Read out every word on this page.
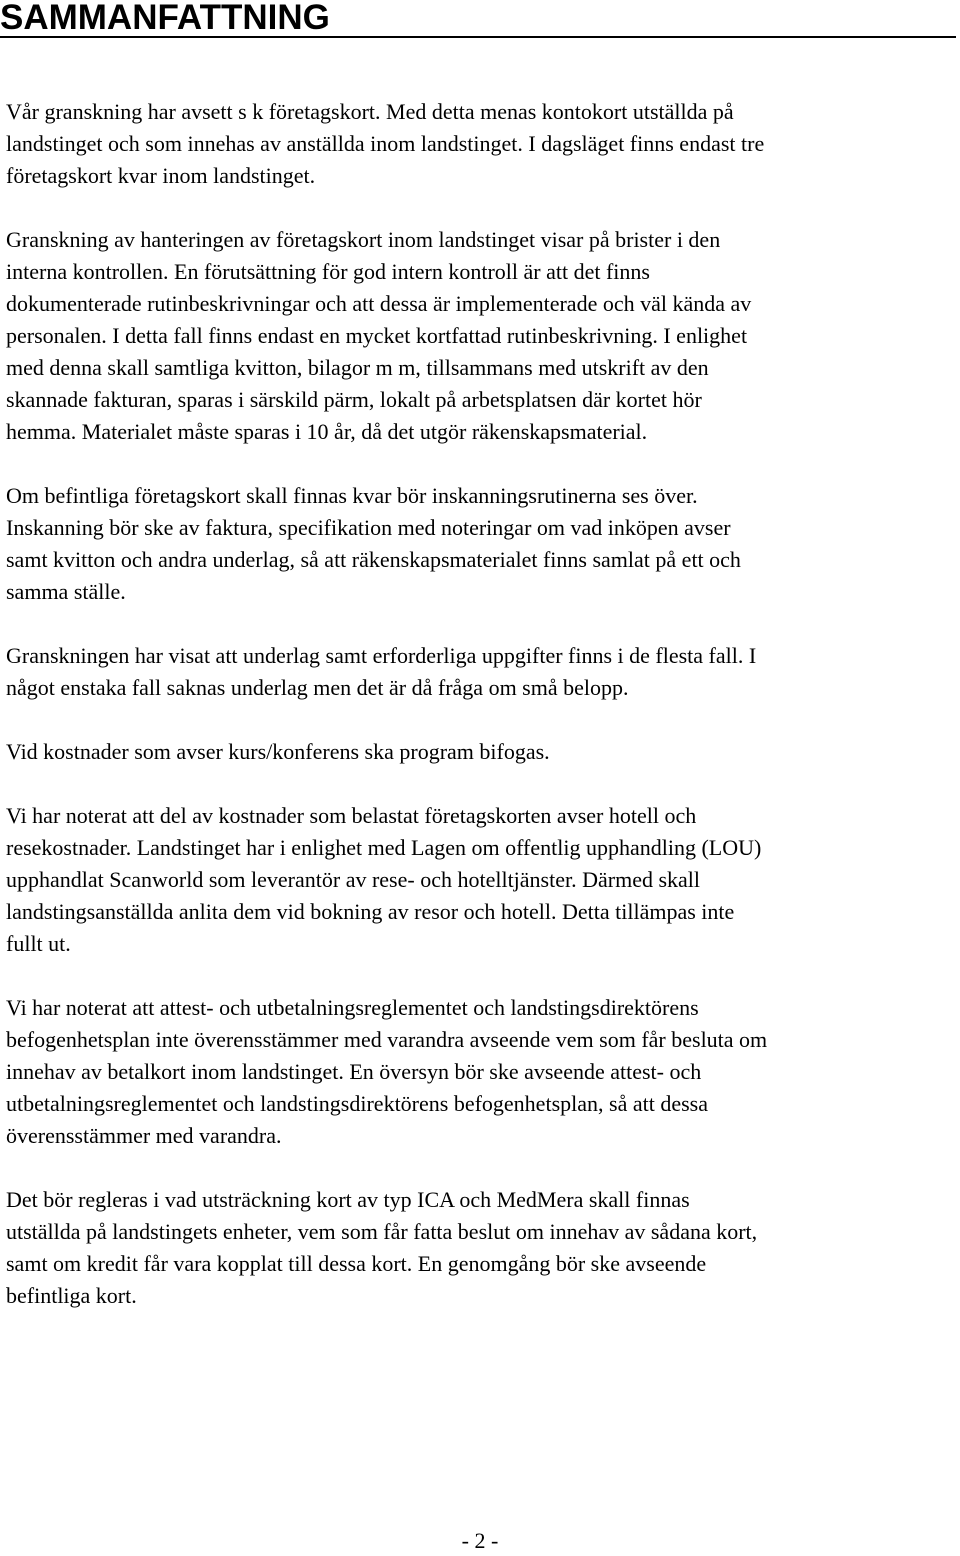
SAMMANFATTNING

Vår granskning har avsett s k företagskort. Med detta menas kontokort utställda på
landstinget och som innehas av anställda inom landstinget. I dagsläget finns endast tre
företagskort kvar inom landstinget.

Granskning av hanteringen av företagskort inom landstinget visar på brister i den
interna kontrollen. En förutsättning för god intern kontroll är att det finns
dokumenterade rutinbeskrivningar och att dessa är implementerade och väl kända av
personalen. I detta fall finns endast en mycket kortfattad rutinbeskrivning. I enlighet
med denna skall samtliga kvitton, bilagor m m, tillsammans med utskrift av den
skannade fakturan, sparas i särskild pärm, lokalt på arbetsplatsen där kortet hör
hemma. Materialet måste sparas i 10 år, då det utgör räkenskapsmaterial.

Om befintliga företagskort skall finnas kvar bör inskanningsrutinerna ses över.
Inskanning bör ske av faktura, specifikation med noteringar om vad inköpen avser
samt kvitton och andra underlag, så att räkenskapsmaterialet finns samlat på ett och
samma ställe.

Granskningen har visat att underlag samt erforderliga uppgifter finns i de flesta fall. I
något enstaka fall saknas underlag men det är då fråga om små belopp.

Vid kostnader som avser kurs/konferens ska program bifogas.

Vi har noterat att del av kostnader som belastat företagskorten avser hotell och
resekostnader. Landstinget har i enlighet med Lagen om offentlig upphandling (LOU)
upphandlat Scanworld som leverantör av rese- och hotelltjänster. Därmed skall
landstingsanställda anlita dem vid bokning av resor och hotell. Detta tillämpas inte
fullt ut.

Vi har noterat att attest- och utbetalningsreglementet och landstingsdirektörens
befogenhetsplan inte överensstämmer med varandra avseende vem som får besluta om
innehav av betalkort inom landstinget. En översyn bör ske avseende attest- och
utbetalningsreglementet och landstingsdirektörens befogenhetsplan, så att dessa
överensstämmer med varandra.

Det bör regleras i vad utsträckning kort av typ ICA och MedMera skall finnas
utställda på landstingets enheter, vem som får fatta beslut om innehav av sådana kort,
samt om kredit får vara kopplat till dessa kort. En genomgång bör ske avseende
befintliga kort.

- 2 -
